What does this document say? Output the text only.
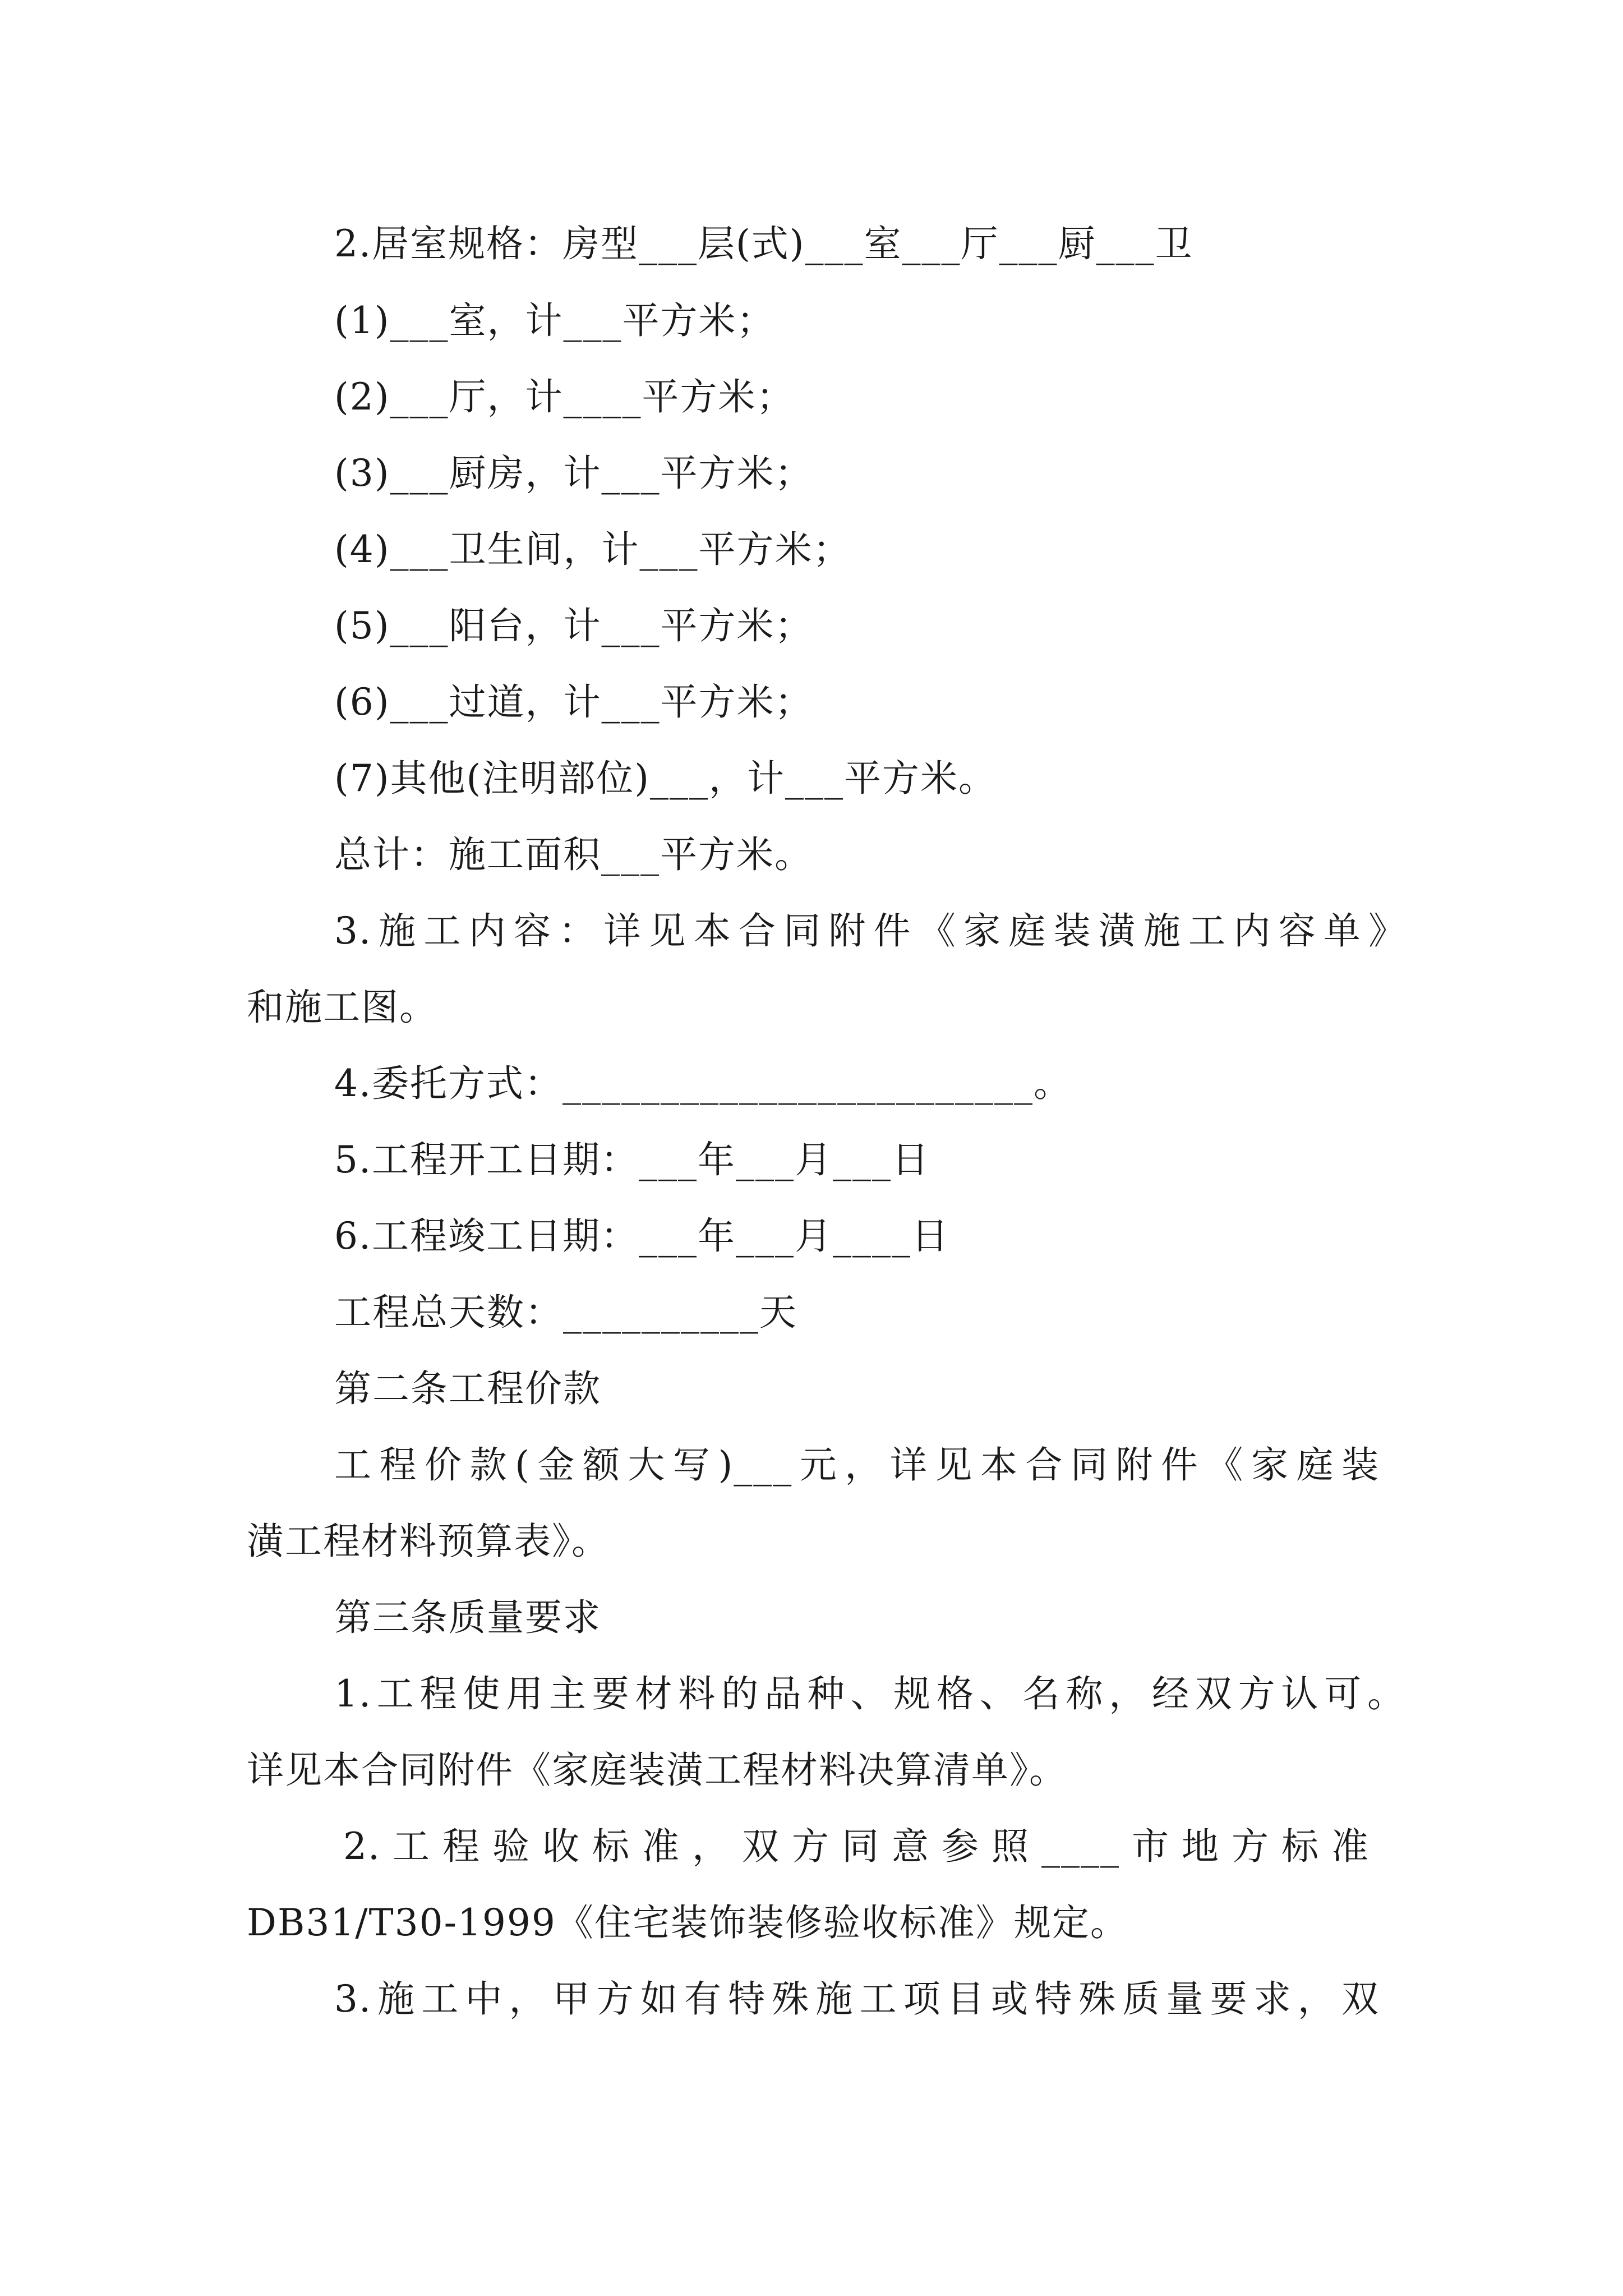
2.居室规格：房型___层(式)___室___厅___厨___卫
(1)___室，计___平方米；
(2)___厅，计____平方米；
(3)___厨房，计___平方米；
(4)___卫生间，计___平方米；
(5)___阳台，计___平方米；
(6)___过道，计___平方米；
(7)其他(注明部位)___，计___平方米。
总计：施工面积___平方米。
3.施工内容：详见本合同附件《家庭装潢施工内容单》
和施工图。
4.委托方式：________________________。
5.工程开工日期：___年___月___日
6.工程竣工日期：___年___月____日
工程总天数：__________天
第二条工程价款
工程价款(金额大写)___元，详见本合同附件《家庭装
潢工程材料预算表》。
第三条质量要求
1.工程使用主要材料的品种、规格、名称，经双方认可。
详见本合同附件《家庭装潢工程材料决算清单》。
2.工程验收标准，双方同意参照____市地方标准
DB31/T30-1999《住宅装饰装修验收标准》规定。
3.施工中，甲方如有特殊施工项目或特殊质量要求，双
